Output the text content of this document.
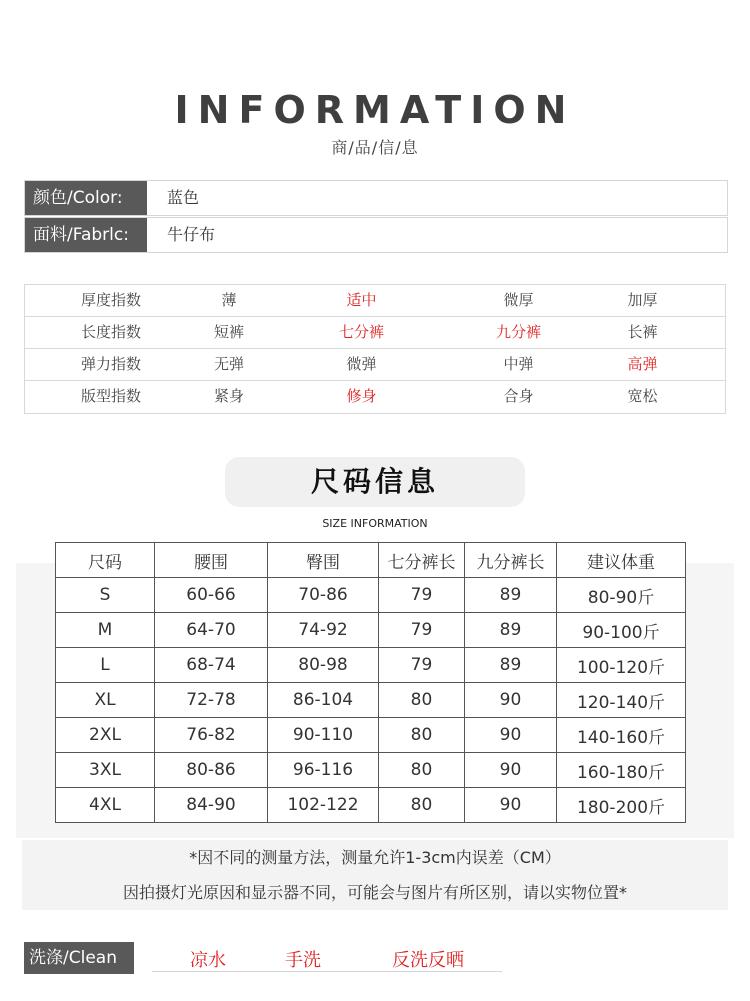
INFORMATION
商/品/信/息
颜色/Color:	蓝色
面料/Fabrlc:	牛仔布
厚度指数	薄	适中	微厚	加厚
长度指数	短裤	七分裤	九分裤	长裤
弹力指数	无弹	微弹	中弹	高弹
版型指数	紧身	修身	合身	宽松
尺码信息
SIZE INFORMATION
尺码	腰围	臀围	七分裤长	九分裤长	建议体重
S	60-66	70-86	79	89	80-90斤
M	64-70	74-92	79	89	90-100斤
L	68-74	80-98	79	89	100-120斤
XL	72-78	86-104	80	90	120-140斤
2XL	76-82	90-110	80	90	140-160斤
3XL	80-86	96-116	80	90	160-180斤
4XL	84-90	102-122	80	90	180-200斤
*因不同的测量方法，测量允许1-3cm内误差（CM）
因拍摄灯光原因和显示器不同，可能会与图片有所区别，请以实物位置*
洗涤/Clean	凉水	手洗	反洗反晒
